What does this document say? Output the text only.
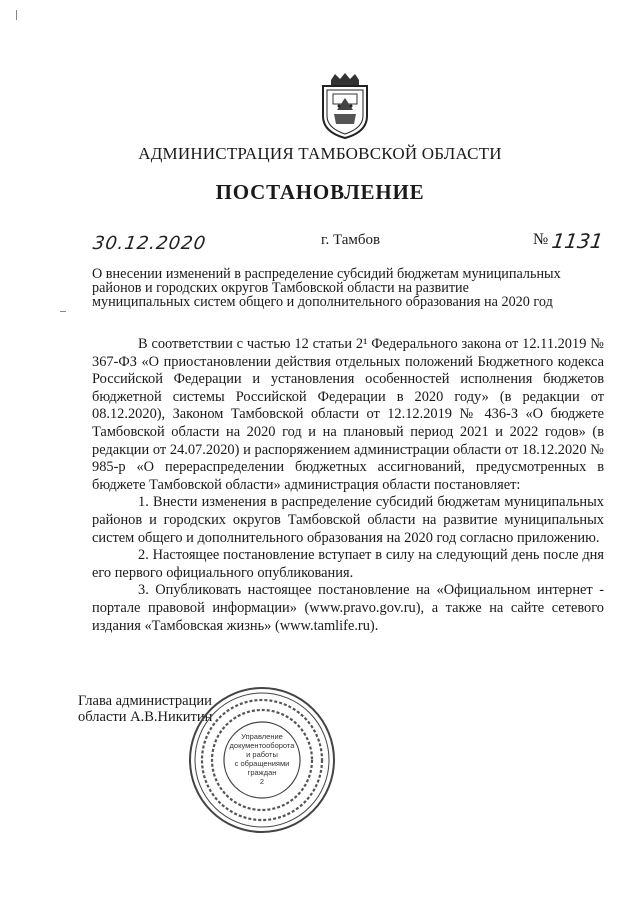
АДМИНИСТРАЦИЯ ТАМБОВСКОЙ ОБЛАСТИ
ПОСТАНОВЛЕНИЕ
30.12.2020	г. Тамбов	№ 1131
О внесении изменений в распределение субсидий бюджетам муниципальных
районов и городских округов Тамбовской области на развитие
муниципальных систем общего и дополнительного образования на 2020 год

В соответствии с частью 12 статьи 2¹ Федерального закона от 12.11.2019 № 367-ФЗ «О приостановлении действия отдельных положений Бюджетного кодекса Российской Федерации и установления особенностей исполнения бюджетов бюджетной системы Российской Федерации в 2020 году» (в редакции от 08.12.2020), Законом Тамбовской области от 12.12.2019 № 436-З «О бюджете Тамбовской области на 2020 год и на плановый период 2021 и 2022 годов» (в редакции от 24.07.2020) и распоряжением администрации области от 18.12.2020 № 985-р «О перераспределении бюджетных ассигнований, предусмотренных в бюджете Тамбовской области» администрация области постановляет:

1. Внести изменения в распределение субсидий бюджетам муниципальных районов и городских округов Тамбовской области на развитие муниципальных систем общего и дополнительного образования на 2020 год согласно приложению.

2. Настоящее постановление вступает в силу на следующий день после дня его первого официального опубликования.

3. Опубликовать настоящее постановление на «Официальном интернет - портале правовой информации» (www.pravo.gov.ru), а также на сайте сетевого издания «Тамбовская жизнь» (www.tamlife.ru).

Глава администрации
области А.В.Никитин
Управление
документооборота
и работы
с обращениями
граждан
2
